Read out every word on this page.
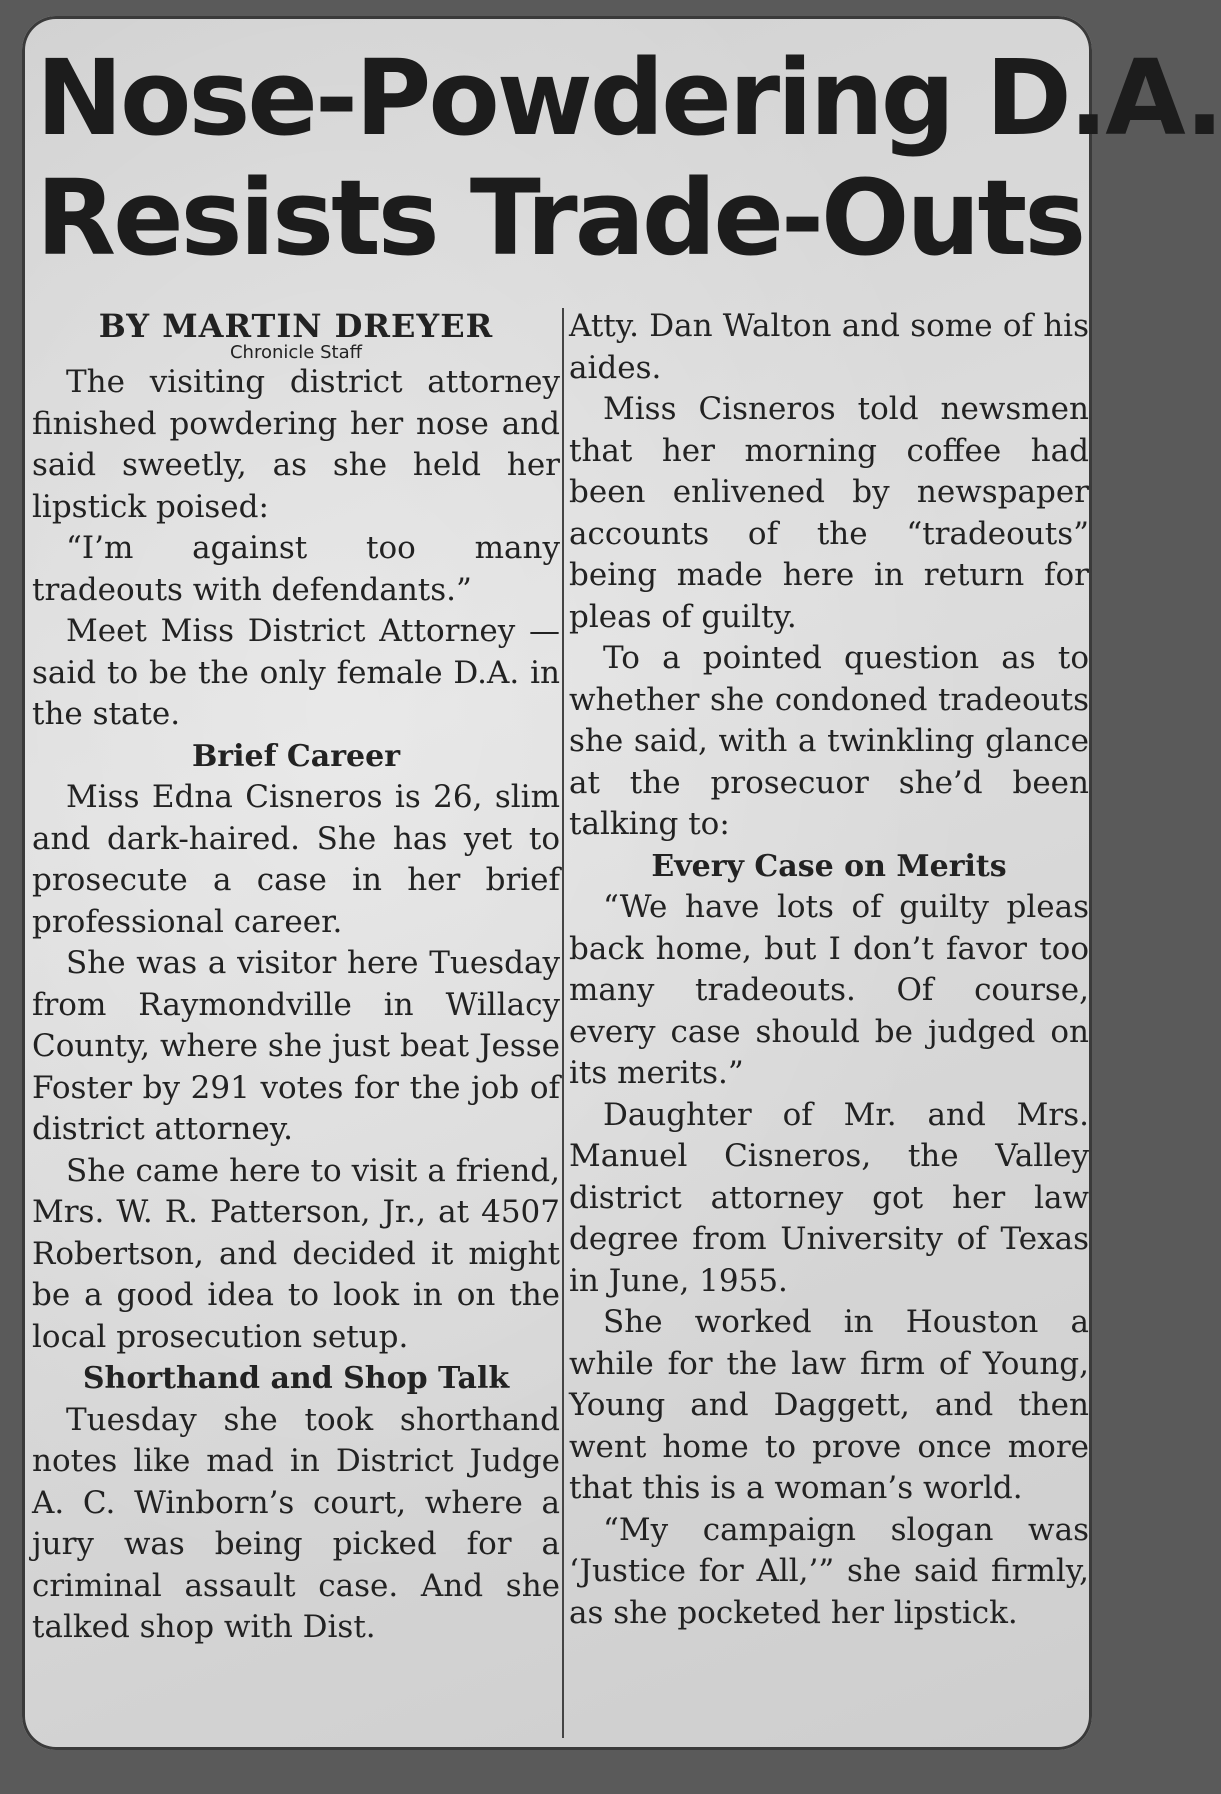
Nose-Powdering D.A.
Resists Trade-Outs
BY MARTIN DREYER
Chronicle Staff

The visiting district attorney finished powdering her nose and said sweetly, as she held her lipstick poised:

“I’m against too many tradeouts with defendants.”

Meet Miss District Attorney —said to be the only female D.A. in the state.

Brief Career

Miss Edna Cisneros is 26, slim and dark-haired. She has yet to prosecute a case in her brief professional career.

She was a visitor here Tuesday from Raymondville in Willacy County, where she just beat Jesse Foster by 291 votes for the job of district attorney.

She came here to visit a friend, Mrs. W. R. Patterson, Jr., at 4507 Robertson, and decided it might be a good idea to look in on the local prosecution setup.

Shorthand and Shop Talk

Tuesday she took shorthand notes like mad in District Judge A. C. Winborn’s court, where a jury was being picked for a criminal assault case. And she talked shop with Dist.

Atty. Dan Walton and some of his aides.

Miss Cisneros told newsmen that her morning coffee had been enlivened by newspaper accounts of the “tradeouts” being made here in return for pleas of guilty.

To a pointed question as to whether she condoned tradeouts she said, with a twinkling glance at the prosecuor she’d been talking to:

Every Case on Merits

“We have lots of guilty pleas back home, but I don’t favor too many tradeouts. Of course, every case should be judged on its merits.”

Daughter of Mr. and Mrs. Manuel Cisneros, the Valley district attorney got her law degree from University of Texas in June, 1955.

She worked in Houston a while for the law firm of Young, Young and Daggett, and then went home to prove once more that this is a woman’s world.

“My campaign slogan was ‘Justice for All,’” she said firmly, as she pocketed her lipstick.
